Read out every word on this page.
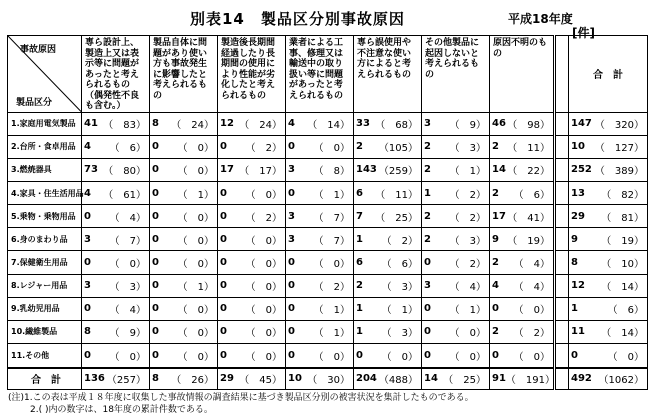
別表14　製品区分別事故原因	平成18年度
[件]
事故原因
製品区分	専ら設計上、製造上又は表示等に問題があったと考えられるもの（偶発性不良も含む。）	製品自体に問題があり使い方も事故発生に影響したと考えられるもの	製造後長期間経過したり長期間の使用により性能が劣化したと考えられるもの	業者による工事、修理又は輸送中の取り扱い等に問題があったと考えられるもの	専ら誤使用や不注意な使い方によると考えられるもの	その他製品に起因しないと考えられるもの	原因不明のもの		合　計
1.家庭用電気製品	41 （　83）	8 （　24）	12 （　24）	4 （　14）	33 （　68）	3 （　9）	46 （　98）		147 （　320）

2.台所・食卓用品	4 （　6）	0 （　0）	0 （　2）	0 （　0）	2 （105）	2 （　3）	2 （　11）		10 （　127）

3.燃焼器具	73 （　80）	0 （　0）	17 （　17）	3 （　8）	143 （259）	2 （　1）	14 （　22）		252 （　389）

4.家具・住生活用品	4 （　61）	0 （　1）	0 （　0）	0 （　1）	6 （　11）	1 （　2）	2 （　6）		13 （　82）

5.乗物・乗物用品	0 （　4）	0 （　0）	0 （　2）	3 （　7）	7 （　25）	2 （　2）	17 （　41）		29 （　81）

6.身のまわり品	3 （　7）	0 （　0）	0 （　0）	3 （　7）	1 （　2）	2 （　3）	9 （　19）		9 （　19）

7.保健衛生用品	0 （　0）	0 （　0）	0 （　0）	0 （　0）	6 （　6）	0 （　2）	2 （　4）		8 （　10）

8.レジャー用品	3 （　3）	0 （　1）	0 （　0）	0 （　2）	2 （　3）	3 （　4）	4 （　4）		12 （　14）

9.乳幼児用品	0 （　4）	0 （　0）	0 （　0）	0 （　1）	1 （　1）	0 （　1）	0 （　0）		1 （　6）

10.繊維製品	8 （　9）	0 （　0）	0 （　0）	0 （　1）	1 （　3）	0 （　0）	2 （　2）		11 （　14）

11.その他	0 （　0）	0 （　0）	0 （　0）	0 （　0）	0 （　0）	0 （　0）	0 （　0）		0 （　0）

合　計	136 （257）	8 （　26）	29 （　45）	10 （　30）	204 （488）	14 （　25）	91 （　191）		492 （1062）
(注)1.この表は平成１８年度に収集した事故情報の調査結果に基づき製品区分別の被害状況を集計したものである。
2.( )内の数字は、18年度の累計件数である。
